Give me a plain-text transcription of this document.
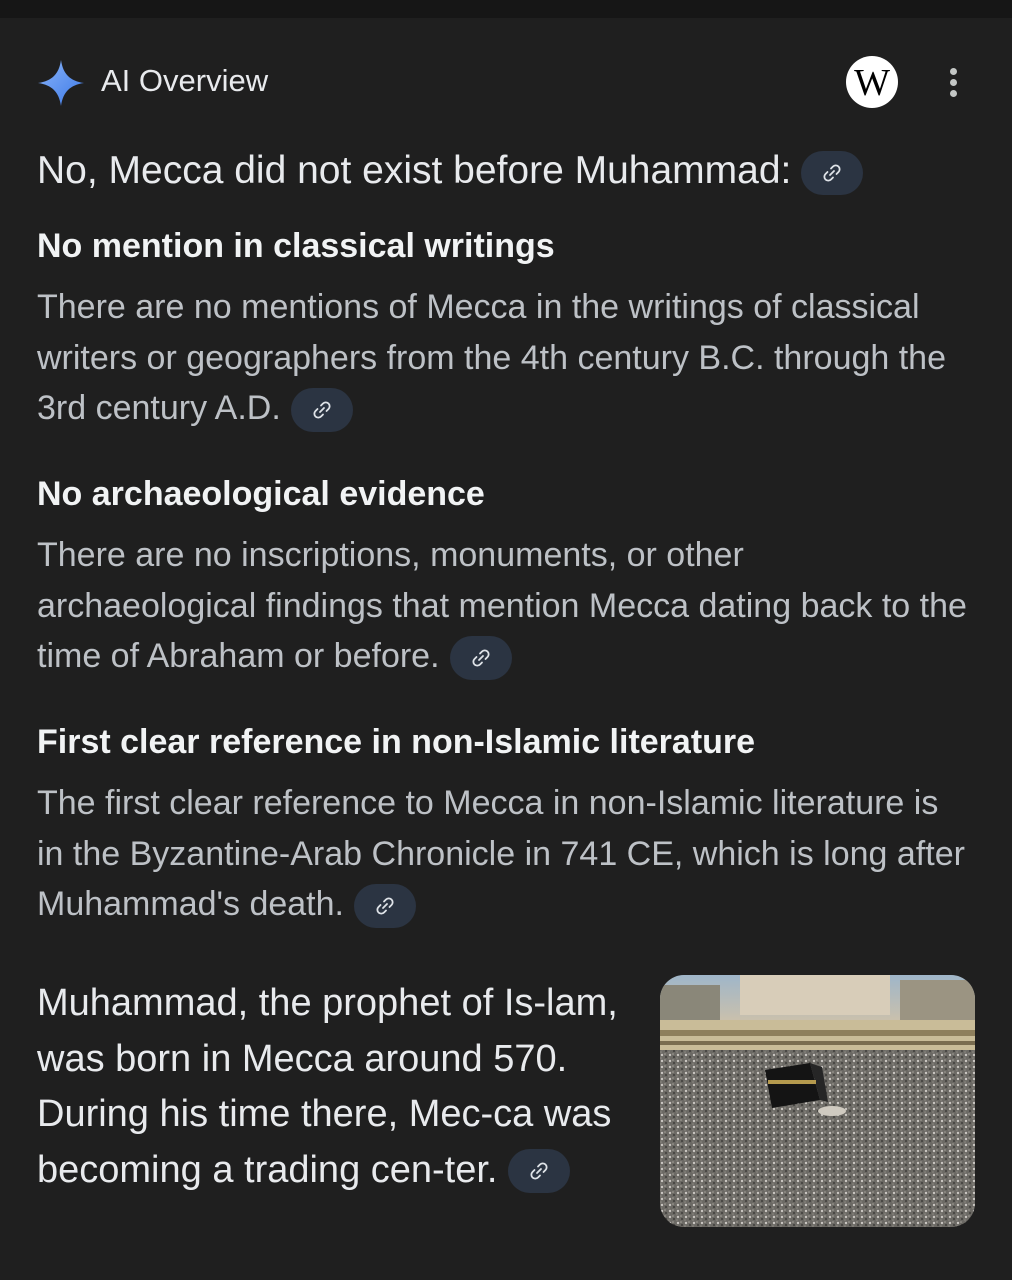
AI Overview	W
No, Mecca did not exist before Muhammad:
No mention in classical writings

There are no mentions of Mecca in the writings of classical writers or geographers from the 4th century B.C. through the 3rd century A.D.

No archaeological evidence

There are no inscriptions, monuments, or other archaeological findings that mention Mecca dating back to the time of Abraham or before.

First clear reference in non-Islamic literature

The first clear reference to Mecca in non-Islamic literature is in the Byzantine-Arab Chronicle in 741 CE, which is long after Muhammad's death.

Muhammad, the prophet of Is-lam, was born in Mecca around 570. During his time there, Mec-ca was becoming a trading cen-ter.
